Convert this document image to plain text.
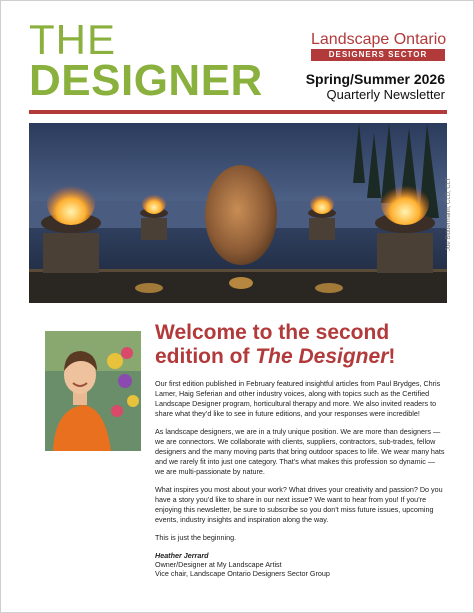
THE
DESIGNER
Landscape Ontario
DESIGNERS SECTOR
Spring/Summer 2026
Quarterly Newsletter
Joe Biddermann, CLD, CLT
Welcome to the second edition of The Designer!

Our first edition published in February featured insightful articles from Paul Brydges, Chris Lamer, Haig Seferian and other industry voices, along with topics such as the Certified Landscape Designer program, horticultural therapy and more. We also invited readers to share what they’d like to see in future editions, and your responses were incredible!

As landscape designers, we are in a truly unique position. We are more than designers — we are connectors. We collaborate with clients, suppliers, contractors, sub-trades, fellow designers and the many moving parts that bring outdoor spaces to life. We wear many hats and we rarely fit into just one category. That’s what makes this profession so dynamic — we are multi-passionate by nature.

What inspires you most about your work? What drives your creativity and passion? Do you have a story you’d like to share in our next issue? We want to hear from you! If you’re enjoying this newsletter, be sure to subscribe so you don’t miss future issues, upcoming events, industry insights and inspiration along the way.

This is just the beginning.

Heather Jerrard
Owner/Designer at My Landscape Artist
Vice chair, Landscape Ontario Designers Sector Group
